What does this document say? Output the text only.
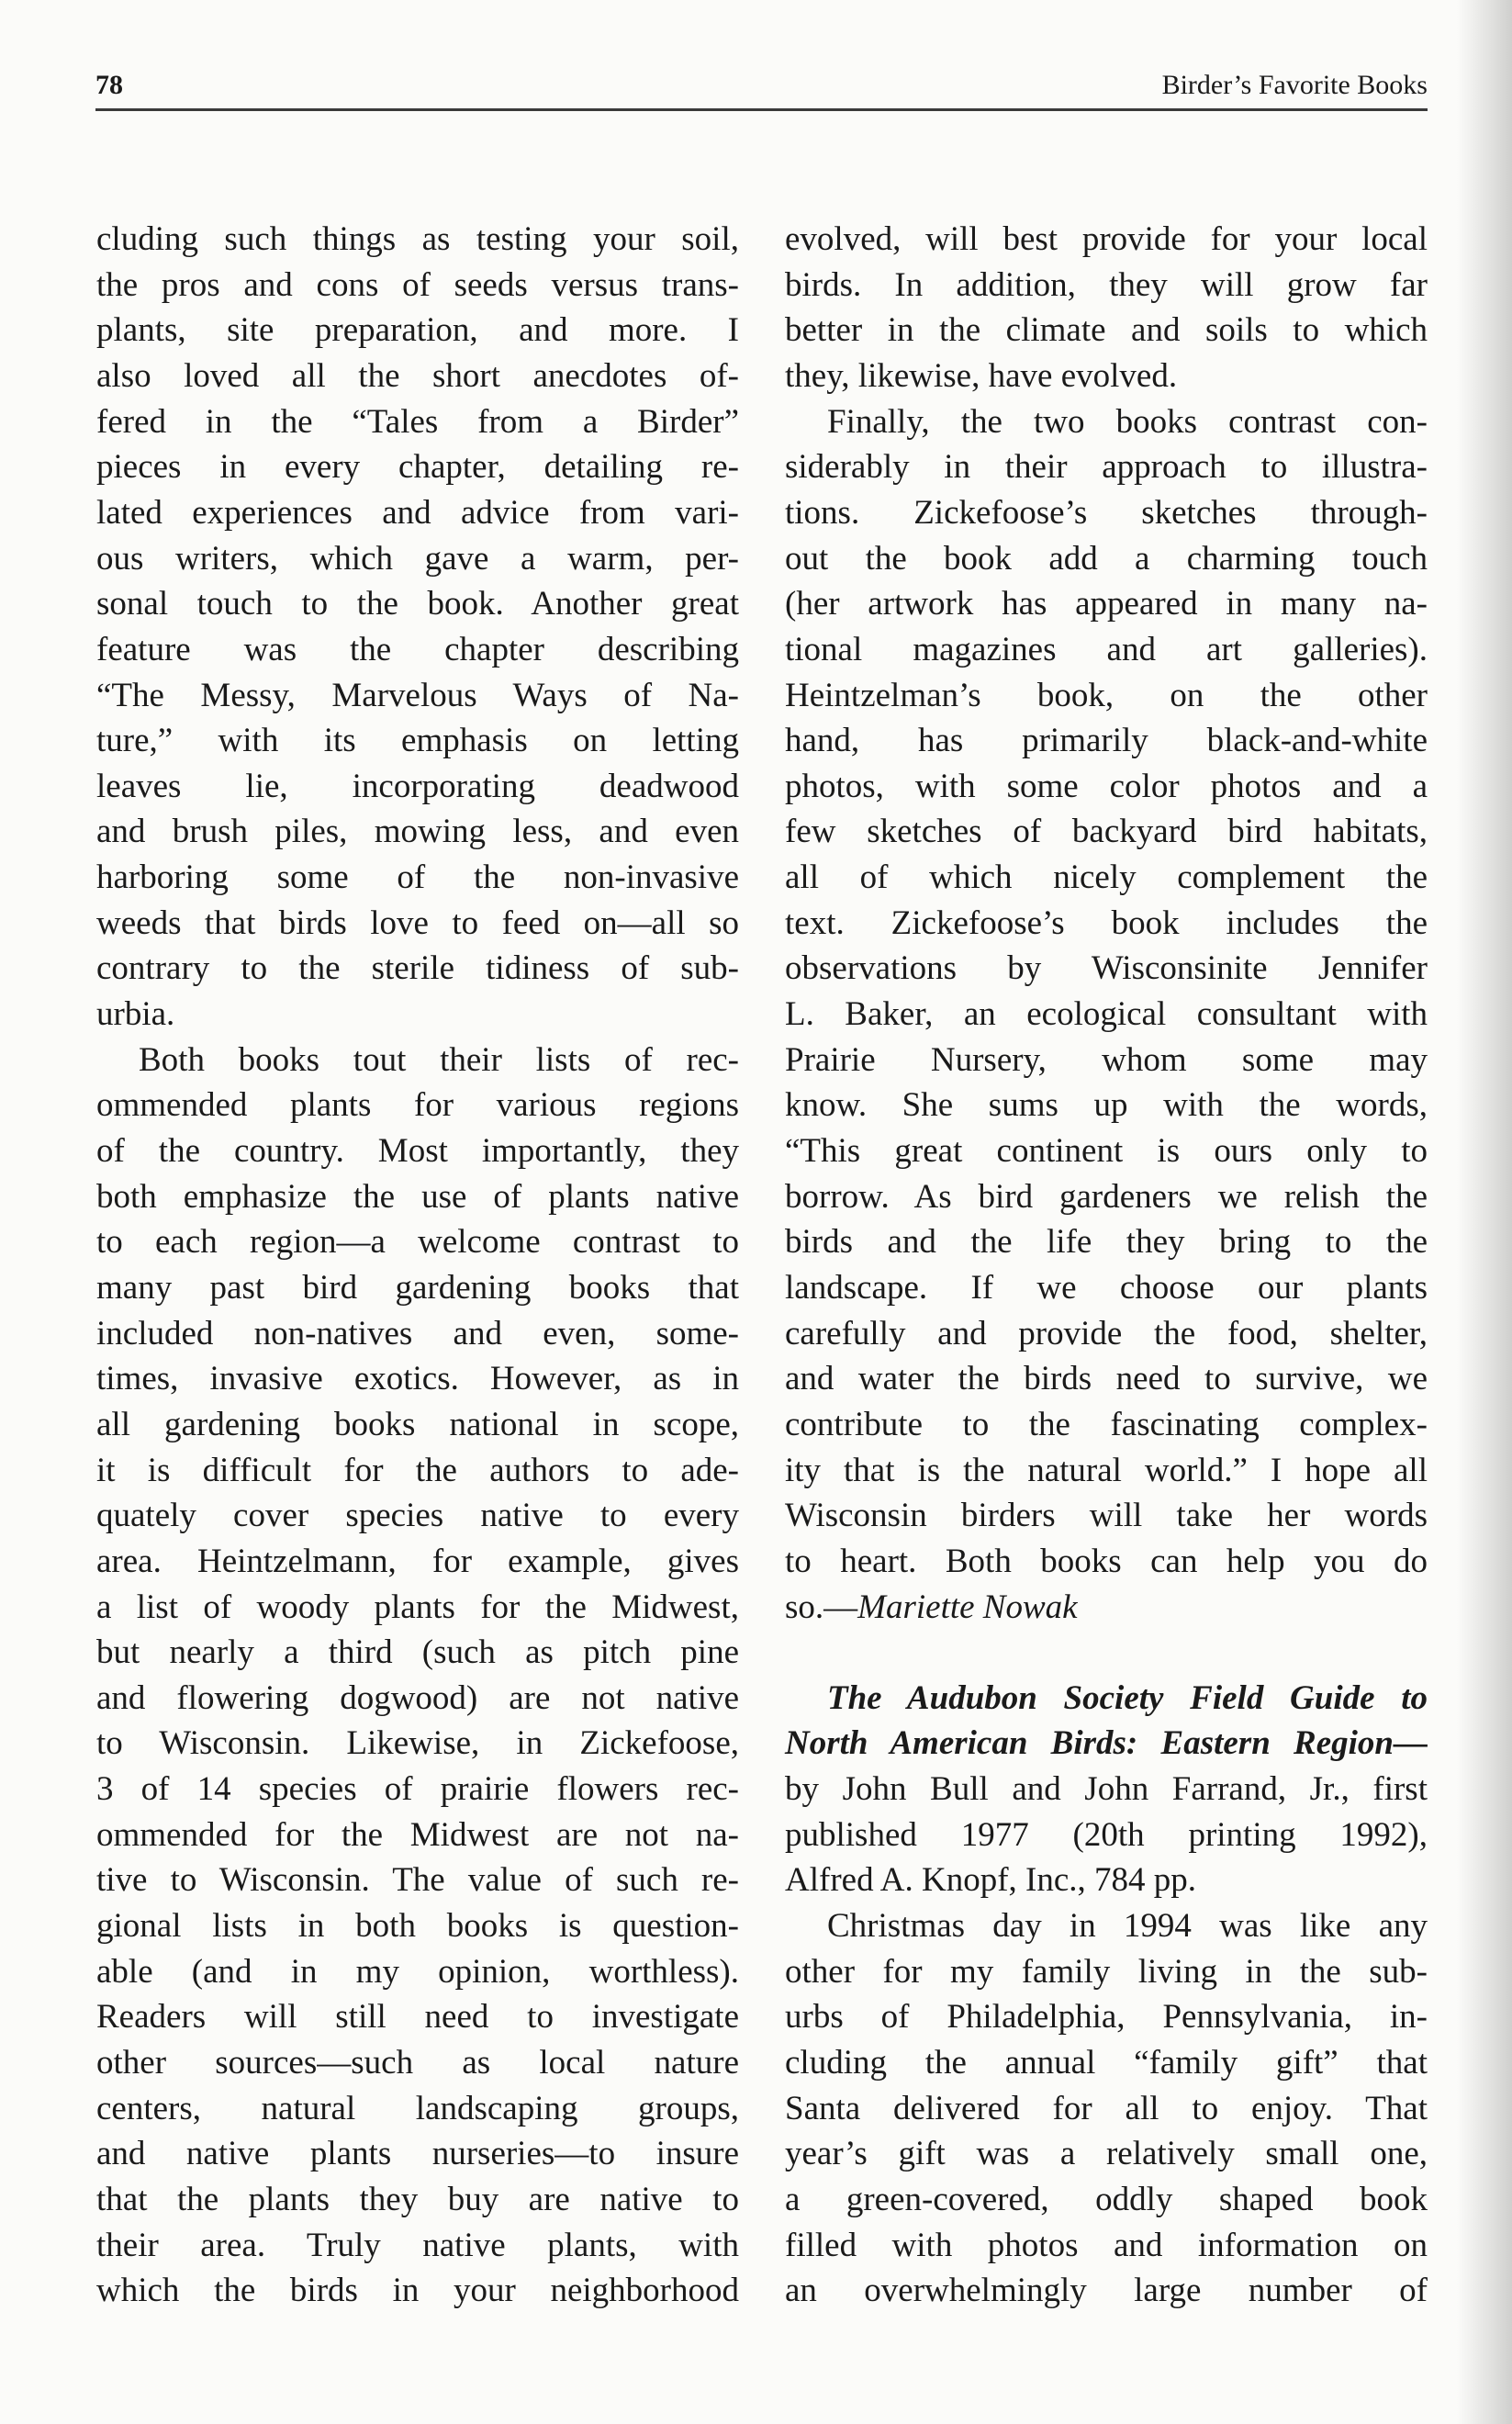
78	Birder’s Favorite Books
cluding such things as testing your soil,
the pros and cons of seeds versus trans-
plants, site preparation, and more. I
also loved all the short anecdotes of-
fered in the “Tales from a Birder”
pieces in every chapter, detailing re-
lated experiences and advice from vari-
ous writers, which gave a warm, per-
sonal touch to the book. Another great
feature was the chapter describing
“The Messy, Marvelous Ways of Na-
ture,” with its emphasis on letting
leaves lie, incorporating deadwood
and brush piles, mowing less, and even
harboring some of the non-invasive
weeds that birds love to feed on—all so
contrary to the sterile tidiness of sub-
urbia.
Both books tout their lists of rec-
ommended plants for various regions
of the country. Most importantly, they
both emphasize the use of plants native
to each region—a welcome contrast to
many past bird gardening books that
included non-natives and even, some-
times, invasive exotics. However, as in
all gardening books national in scope,
it is difficult for the authors to ade-
quately cover species native to every
area. Heintzelmann, for example, gives
a list of woody plants for the Midwest,
but nearly a third (such as pitch pine
and flowering dogwood) are not native
to Wisconsin. Likewise, in Zickefoose,
3 of 14 species of prairie flowers rec-
ommended for the Midwest are not na-
tive to Wisconsin. The value of such re-
gional lists in both books is question-
able (and in my opinion, worthless).
Readers will still need to investigate
other sources—such as local nature
centers, natural landscaping groups,
and native plants nurseries—to insure
that the plants they buy are native to
their area. Truly native plants, with
which the birds in your neighborhood
evolved, will best provide for your local
birds. In addition, they will grow far
better in the climate and soils to which
they, likewise, have evolved.
Finally, the two books contrast con-
siderably in their approach to illustra-
tions. Zickefoose’s sketches through-
out the book add a charming touch
(her artwork has appeared in many na-
tional magazines and art galleries).
Heintzelman’s book, on the other
hand, has primarily black-and-white
photos, with some color photos and a
few sketches of backyard bird habitats,
all of which nicely complement the
text. Zickefoose’s book includes the
observations by Wisconsinite Jennifer
L. Baker, an ecological consultant with
Prairie Nursery, whom some may
know. She sums up with the words,
“This great continent is ours only to
borrow. As bird gardeners we relish the
birds and the life they bring to the
landscape. If we choose our plants
carefully and provide the food, shelter,
and water the birds need to survive, we
contribute to the fascinating complex-
ity that is the natural world.” I hope all
Wisconsin birders will take her words
to heart. Both books can help you do
so.—Mariette Nowak
The Audubon Society Field Guide to
North American Birds: Eastern Region—
by John Bull and John Farrand, Jr., first
published 1977 (20th printing 1992),
Alfred A. Knopf, Inc., 784 pp.
Christmas day in 1994 was like any
other for my family living in the sub-
urbs of Philadelphia, Pennsylvania, in-
cluding the annual “family gift” that
Santa delivered for all to enjoy. That
year’s gift was a relatively small one,
a green-covered, oddly shaped book
filled with photos and information on
an overwhelmingly large number of
